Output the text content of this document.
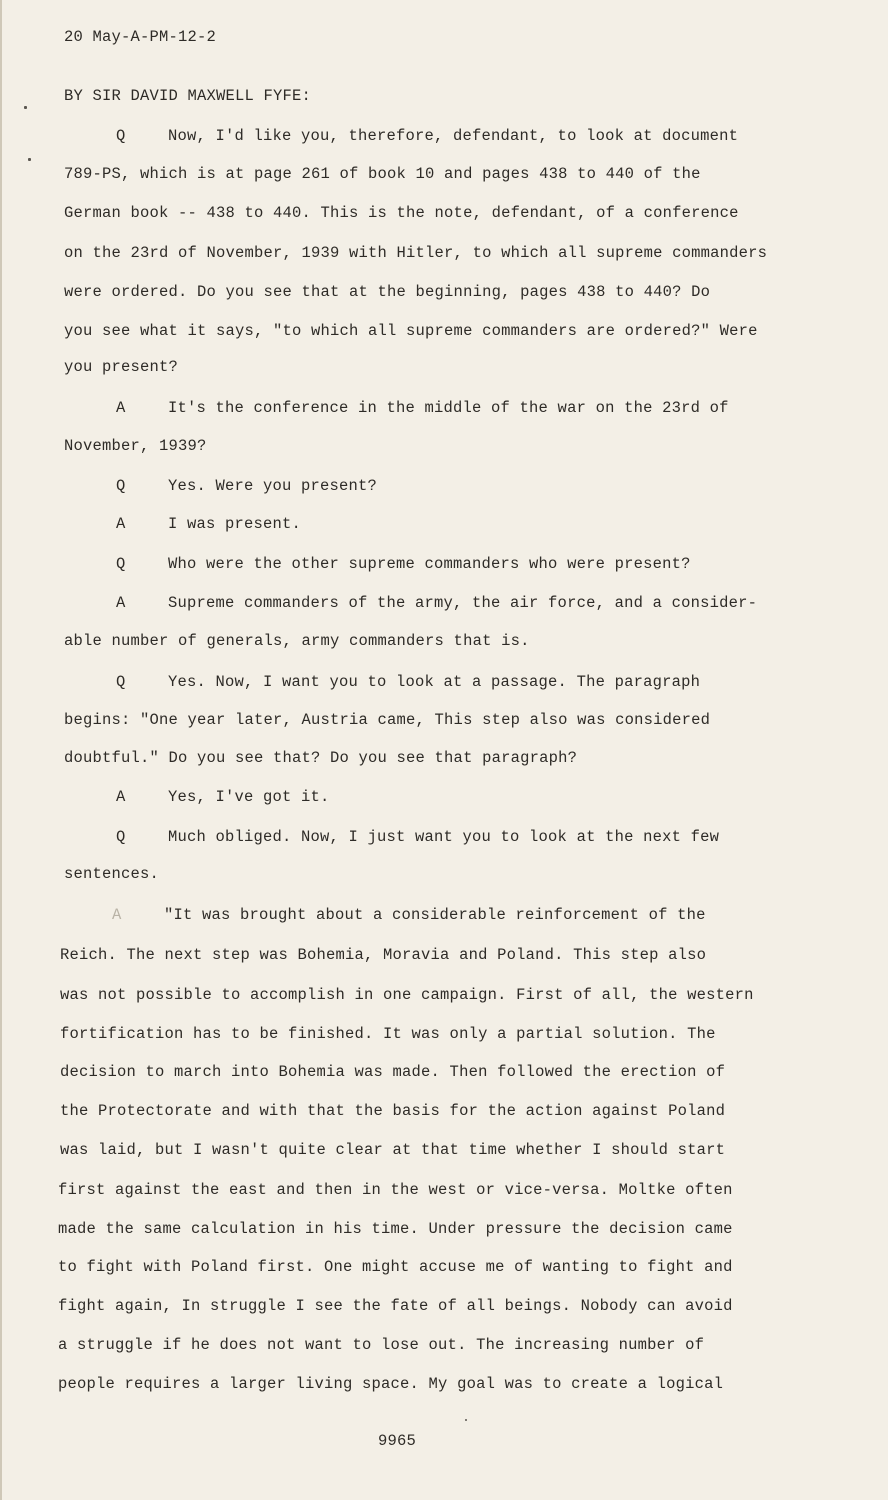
20 May-A-PM-12-2
BY SIR DAVID MAXWELL FYFE:
Q	Now, I'd like you, therefore, defendant, to look at document
789-PS, which is at page 261 of book 10 and pages 438 to 440 of the
German book -- 438 to 440. This is the note, defendant, of a conference
on the 23rd of November, 1939 with Hitler, to which all supreme commanders
were ordered. Do you see that at the beginning, pages 438 to 440? Do
you see what it says, "to which all supreme commanders are ordered?" Were
you present?
A	It's the conference in the middle of the war on the 23rd of
November, 1939?
Q	Yes. Were you present?
A	I was present.
Q	Who were the other supreme commanders who were present?
A	Supreme commanders of the army, the air force, and a consider-
able number of generals, army commanders that is.
Q	Yes. Now, I want you to look at a passage. The paragraph
begins: "One year later, Austria came, This step also was considered
doubtful." Do you see that? Do you see that paragraph?
A	Yes, I've got it.
Q	Much obliged. Now, I just want you to look at the next few
sentences.
A	"It was brought about a considerable reinforcement of the
Reich. The next step was Bohemia, Moravia and Poland. This step also
was not possible to accomplish in one campaign. First of all, the western
fortification has to be finished. It was only a partial solution. The
decision to march into Bohemia was made. Then followed the erection of
the Protectorate and with that the basis for the action against Poland
was laid, but I wasn't quite clear at that time whether I should start
first against the east and then in the west or vice-versa. Moltke often
made the same calculation in his time. Under pressure the decision came
to fight with Poland first. One might accuse me of wanting to fight and
fight again, In struggle I see the fate of all beings. Nobody can avoid
a struggle if he does not want to lose out. The increasing number of
people requires a larger living space. My goal was to create a logical
9965
